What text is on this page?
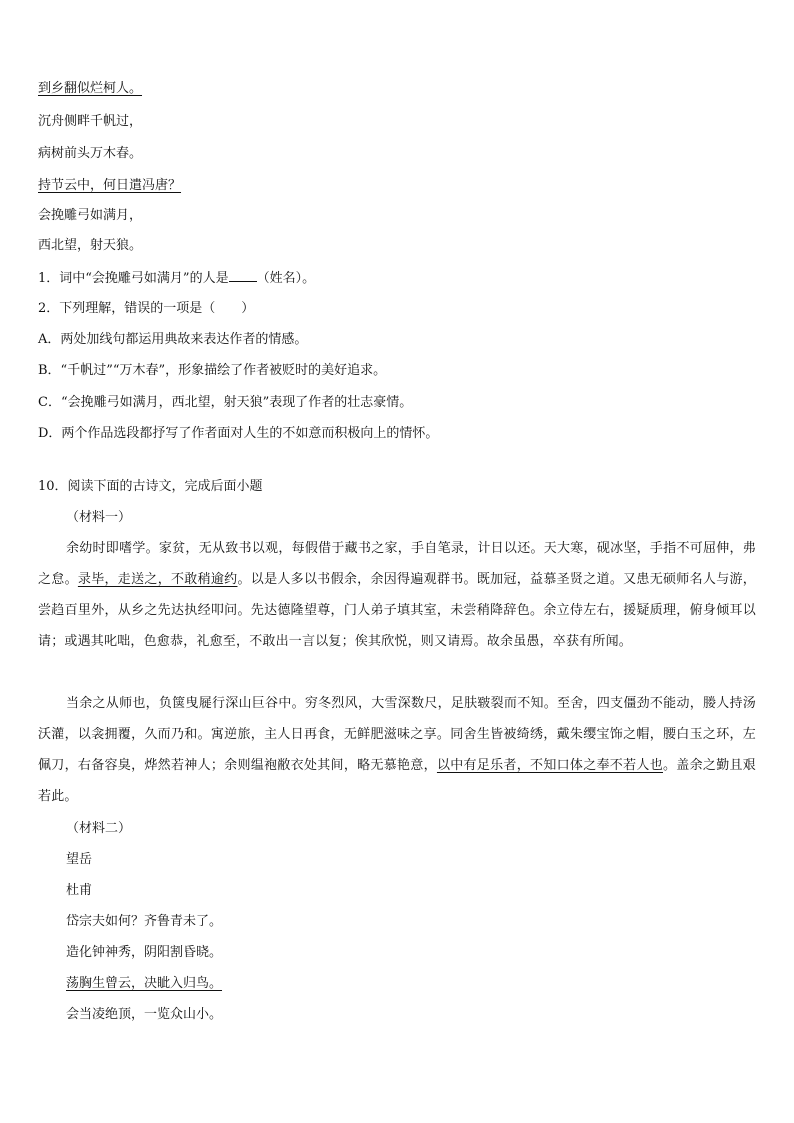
到乡翻似烂柯人。
沉舟侧畔千帆过，
病树前头万木春。
持节云中，何日遣冯唐？
会挽雕弓如满月，
西北望，射天狼。
1．词中“会挽雕弓如满月”的人是 （姓名）。
2．下列理解，错误的一项是（　　）
A．两处加线句都运用典故来表达作者的情感。
B．“千帆过”“万木春”，形象描绘了作者被贬时的美好追求。
C．“会挽雕弓如满月，西北望，射天狼”表现了作者的壮志豪情。
D．两个作品选段都抒写了作者面对人生的不如意而积极向上的情怀。
10．阅读下面的古诗文，完成后面小题
（材料一）
余幼时即嗜学。家贫，无从致书以观，每假借于藏书之家，手自笔录，计日以还。天大寒，砚冰坚，手指不可屈伸，弗之怠。录毕，走送之，不敢稍逾约。以是人多以书假余，余因得遍观群书。既加冠，益慕圣贤之道。又患无硕师名人与游，尝趋百里外，从乡之先达执经叩问。先达德隆望尊，门人弟子填其室，未尝稍降辞色。余立侍左右，援疑质理，俯身倾耳以请；或遇其叱咄，色愈恭，礼愈至，不敢出一言以复；俟其欣悦，则又请焉。故余虽愚，卒获有所闻。
当余之从师也，负箧曳屣行深山巨谷中。穷冬烈风，大雪深数尺，足肤皲裂而不知。至舍，四支僵劲不能动，媵人持汤沃灌，以衾拥覆，久而乃和。寓逆旅，主人日再食，无鲜肥滋味之享。同舍生皆被绮绣，戴朱缨宝饰之帽，腰白玉之环，左佩刀，右备容臭，烨然若神人；余则缊袍敝衣处其间，略无慕艳意，以中有足乐者，不知口体之奉不若人也。盖余之勤且艰若此。
（材料二）
望岳
杜甫
岱宗夫如何？齐鲁青未了。
造化钟神秀，阴阳割昏晓。
荡胸生曾云，决眦入归鸟。
会当凌绝顶，一览众山小。
